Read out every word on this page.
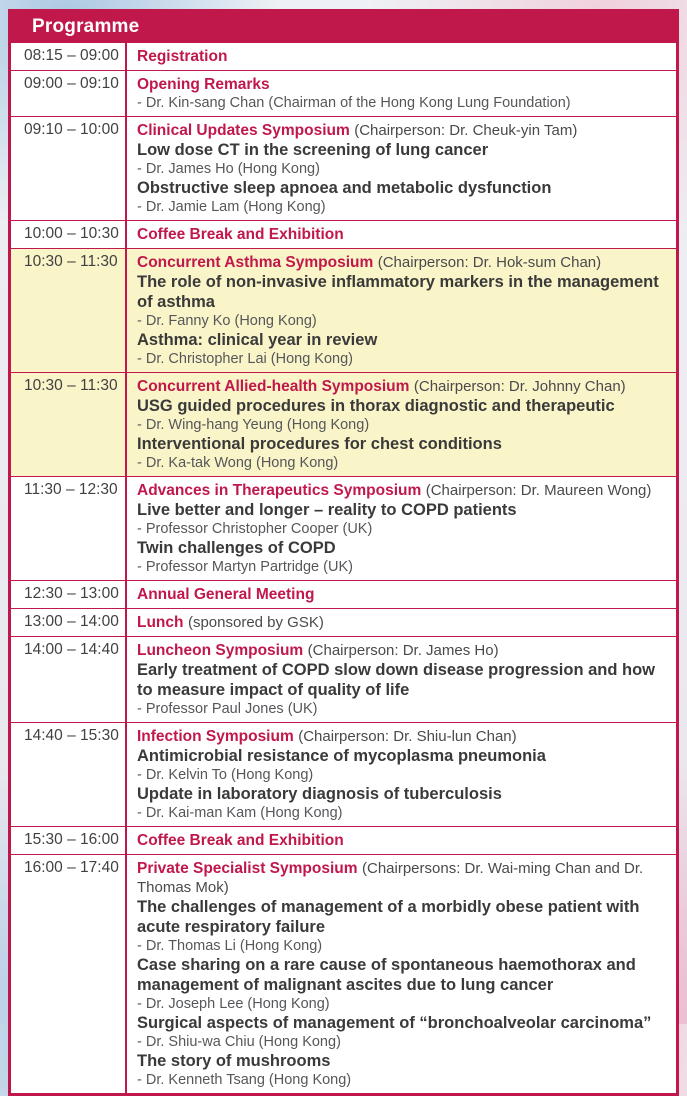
Programme
08:15 – 09:00	Registration

09:00 – 09:10	Opening Remarks
- Dr. Kin-sang Chan (Chairman of the Hong Kong Lung Foundation)

09:10 – 10:00	Clinical Updates Symposium (Chairperson: Dr. Cheuk-yin Tam)
Low dose CT in the screening of lung cancer
- Dr. James Ho (Hong Kong)
Obstructive sleep apnoea and metabolic dysfunction
- Dr. Jamie Lam (Hong Kong)

10:00 – 10:30	Coffee Break and Exhibition

10:30 – 11:30	Concurrent Asthma Symposium (Chairperson: Dr. Hok-sum Chan)
The role of non-invasive inflammatory markers in the management of asthma
- Dr. Fanny Ko (Hong Kong)
Asthma: clinical year in review
- Dr. Christopher Lai (Hong Kong)

10:30 – 11:30	Concurrent Allied-health Symposium (Chairperson: Dr. Johnny Chan)
USG guided procedures in thorax diagnostic and therapeutic
- Dr. Wing-hang Yeung (Hong Kong)
Interventional procedures for chest conditions
- Dr. Ka-tak Wong (Hong Kong)

11:30 – 12:30	Advances in Therapeutics Symposium (Chairperson: Dr. Maureen Wong)
Live better and longer – reality to COPD patients
- Professor Christopher Cooper (UK)
Twin challenges of COPD
- Professor Martyn Partridge (UK)

12:30 – 13:00	Annual General Meeting

13:00 – 14:00	Lunch (sponsored by GSK)

14:00 – 14:40	Luncheon Symposium (Chairperson: Dr. James Ho)
Early treatment of COPD slow down disease progression and how to measure impact of quality of life
- Professor Paul Jones (UK)

14:40 – 15:30	Infection Symposium (Chairperson: Dr. Shiu-lun Chan)
Antimicrobial resistance of mycoplasma pneumonia
- Dr. Kelvin To (Hong Kong)
Update in laboratory diagnosis of tuberculosis
- Dr. Kai-man Kam (Hong Kong)

15:30 – 16:00	Coffee Break and Exhibition

16:00 – 17:40	Private Specialist Symposium (Chairpersons: Dr. Wai-ming Chan and Dr. Thomas Mok)
The challenges of management of a morbidly obese patient with acute respiratory failure
- Dr. Thomas Li (Hong Kong)
Case sharing on a rare cause of spontaneous haemothorax and management of malignant ascites due to lung cancer
- Dr. Joseph Lee (Hong Kong)
Surgical aspects of management of “bronchoalveolar carcinoma”
- Dr. Shiu-wa Chiu (Hong Kong)
The story of mushrooms
- Dr. Kenneth Tsang (Hong Kong)
